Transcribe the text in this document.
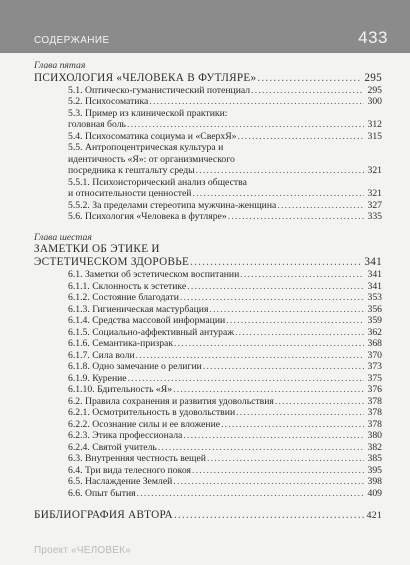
СОДЕРЖАНИЕ	433
Глава пятая
ПСИХОЛОГИЯ «ЧЕЛОВЕКА В ФУТЛЯРЕ» .....	295
5.1. Оптическо-гуманистический потенциал .....	295
5.2. Психосоматика .....	300
5.3. Пример из клинической практики:
головная боль .....	312
5.4. Психосоматика социума и «СверхЯ» .....	315
5.5. Антропоцентрическая культура и
идентичность «Я»: от организмического
посредника к гештальту среды .....	321
5.5.1. Психоисторический анализ общества
и относительности ценностей .....	321
5.5.2. За пределами стереотипа мужчина-женщина .....	327
5.6. Психология «Человека в футляре» .....	335
Глава шестая
ЗАМЕТКИ ОБ ЭТИКЕ И
ЭСТЕТИЧЕСКОМ ЗДОРОВЬЕ .....	341
6.1. Заметки об эстетическом воспитании .....	341
6.1.1. Склонность к эстетике .....	341
6.1.2. Состояние благодати .....	353
6.1.3. Гигиеническая мастурбация .....	356
6.1.4. Средства массовой информации .....	359
6.1.5. Социально-аффективный антураж .....	362
6.1.6. Семантика-призрак .....	368
6.1.7. Сила воли .....	370
6.1.8. Одно замечание о религии .....	373
6.1.9. Курение .....	375
6.1.10. Бдительность «Я» .....	376
6.2. Правила сохранения и развития удовольствия .....	378
6.2.1. Осмотрительность в удовольствии .....	378
6.2.2. Осознание силы и ее вложение .....	378
6.2.3. Этика профессионала .....	380
6.2.4. Святой учитель .....	382
6.3. Внутренняя честность вещей .....	385
6.4. Три вида телесного покоя .....	395
6.5. Наслаждение Землей .....	398
6.6. Опыт бытия .....	409
БИБЛИОГРАФИЯ АВТОРА .....	421
Проект «ЧЕЛОВЕК»
